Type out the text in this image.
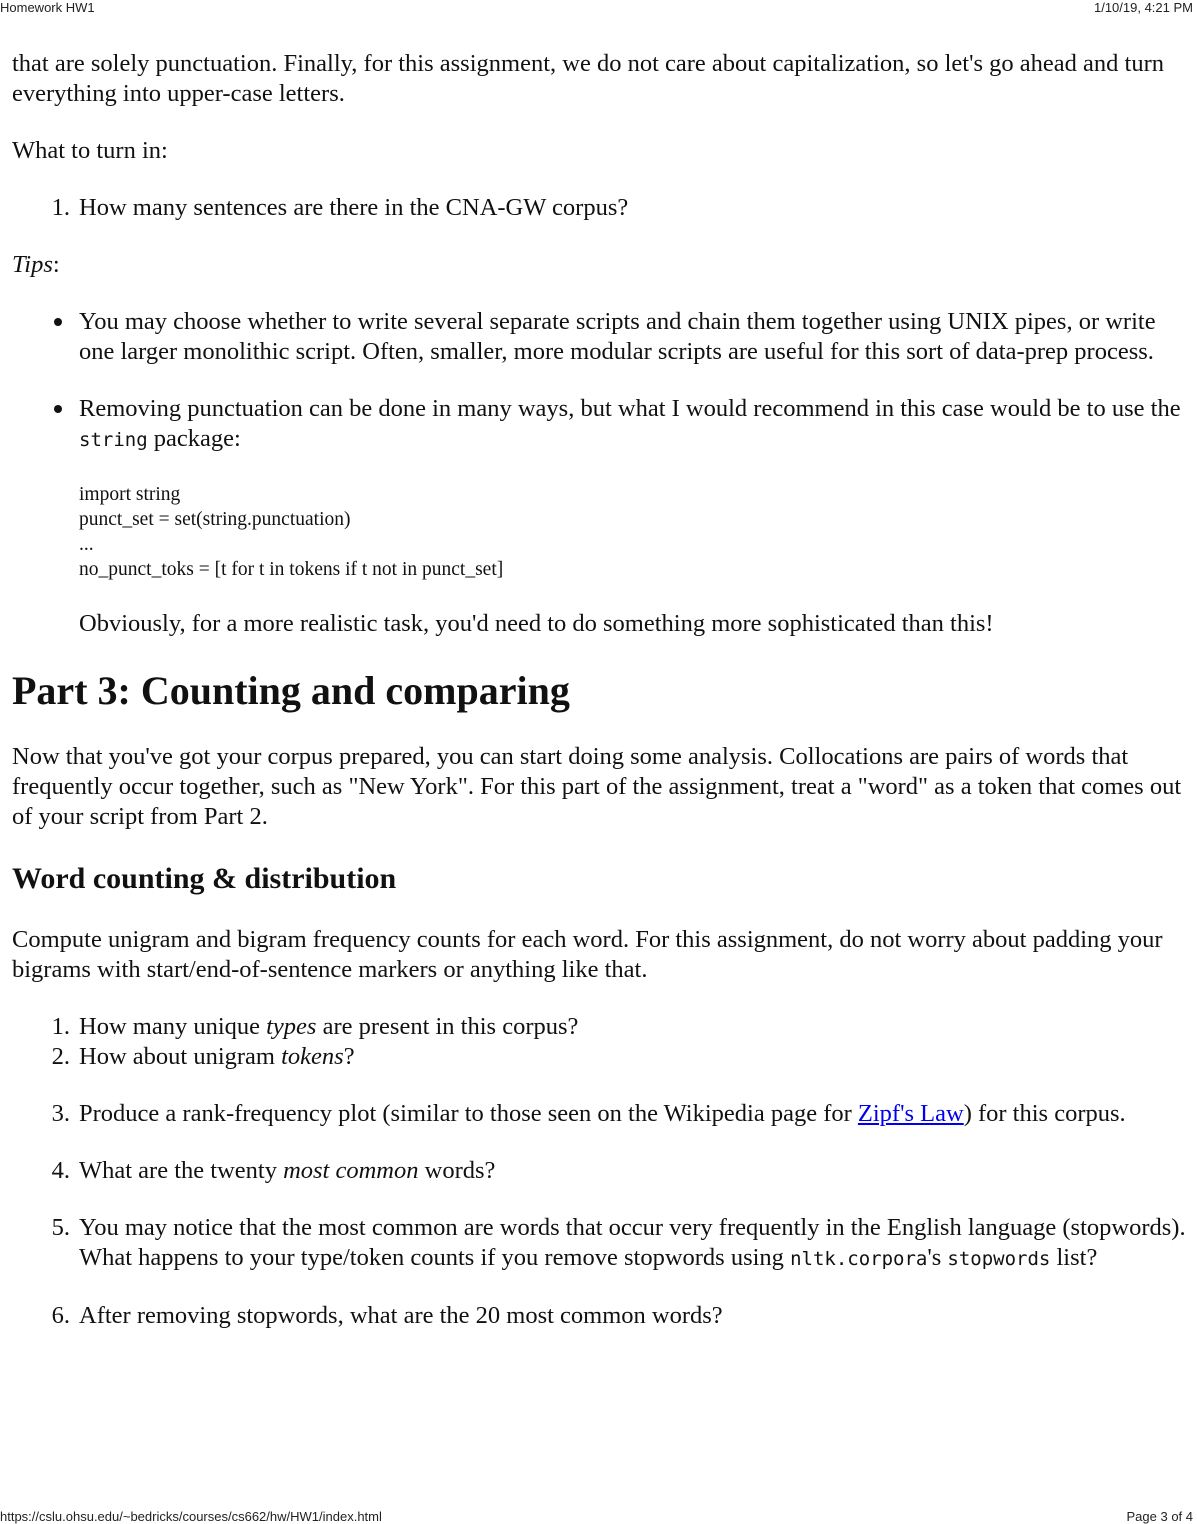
Homework HW1	1/10/19, 4:21 PM

that are solely punctuation. Finally, for this assignment, we do not care about capitalization, so let's go ahead and turn everything into upper-case letters.

What to turn in:

1. How many sentences are there in the CNA-GW corpus?

Tips:

You may choose whether to write several separate scripts and chain them together using UNIX pipes, or write one larger monolithic script. Often, smaller, more modular scripts are useful for this sort of data-prep process.
Removing punctuation can be done in many ways, but what I would recommend in this case would be to use the string package:
import string
punct_set = set(string.punctuation)
...
no_punct_toks = [t for t in tokens if t not in punct_set]

Obviously, for a more realistic task, you'd need to do something more sophisticated than this!

Part 3: Counting and comparing

Now that you've got your corpus prepared, you can start doing some analysis. Collocations are pairs of words that frequently occur together, such as "New York". For this part of the assignment, treat a "word" as a token that comes out of your script from Part 2.

Word counting & distribution

Compute unigram and bigram frequency counts for each word. For this assignment, do not worry about padding your bigrams with start/end-of-sentence markers or anything like that.

1. How many unique types are present in this corpus?
2. How about unigram tokens?
3. Produce a rank-frequency plot (similar to those seen on the Wikipedia page for Zipf's Law) for this corpus.
4. What are the twenty most common words?
5. You may notice that the most common are words that occur very frequently in the English language (stopwords). What happens to your type/token counts if you remove stopwords using nltk.corpora's stopwords list?
6. After removing stopwords, what are the 20 most common words?
https://cslu.ohsu.edu/~bedricks/courses/cs662/hw/HW1/index.html	Page 3 of 4
